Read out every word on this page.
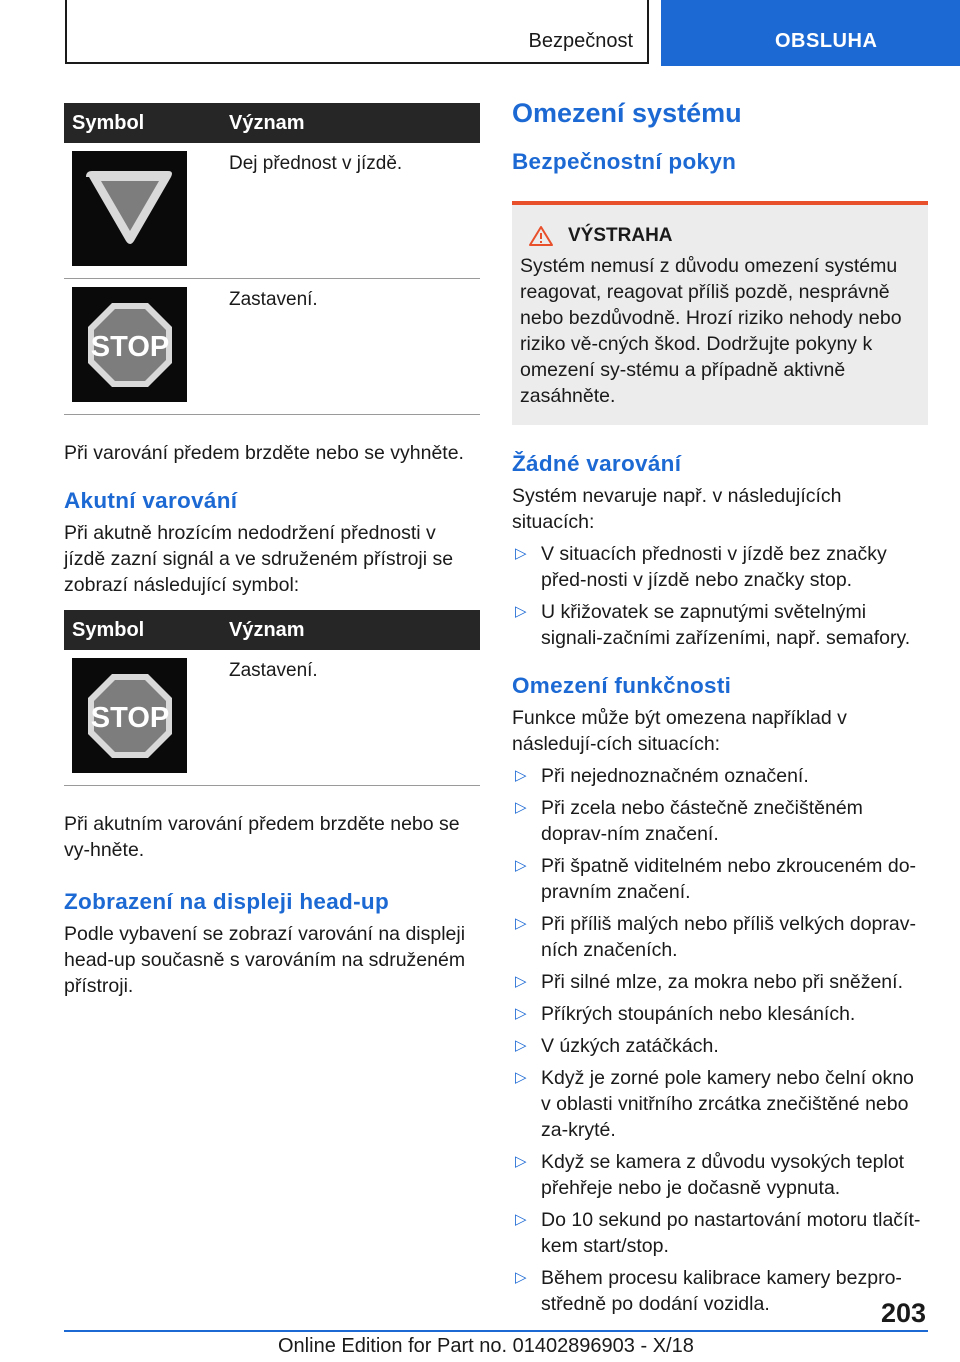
Bezpečnost	OBSLUHA
Symbol	Význam

	Dej přednost v jízdě.

STOP	Zastavení.

Při varování předem brzděte nebo se vyhněte.

Akutní varování

Při akutně hrozícím nedodržení přednosti v jízdě zazní signál a ve sdruženém přístroji se zobrazí následující symbol:

Symbol	Význam

STOP	Zastavení.

Při akutním varování předem brzděte nebo se vy-hněte.

Zobrazení na displeji head-up

Podle vybavení se zobrazí varování na displeji head-up současně s varováním na sdruženém přístroji.

Omezení systému
Bezpečnostní pokyn
VÝSTRAHA

Systém nemusí z důvodu omezení systému reagovat, reagovat příliš pozdě, nesprávně nebo bezdůvodně. Hrozí riziko nehody nebo riziko vě-cných škod. Dodržujte pokyny k omezení sy-stému a případně aktivně zasáhněte.

Žádné varování

Systém nevaruje např. v následujících situacích:

▷ V situacích přednosti v jízdě bez značky před-nosti v jízdě nebo značky stop.
▷ U křižovatek se zapnutými světelnými signali-začními zařízeními, např. semafory.
Omezení funkčnosti

Funkce může být omezena například v následují-cích situacích:

▷ Při nejednoznačném označení.
▷ Při zcela nebo částečně znečištěném doprav-ním značení.
▷ Při špatně viditelném nebo zkrouceném do-pravním značení.
▷ Při příliš malých nebo příliš velkých doprav-ních značeních.
▷ Při silné mlze, za mokra nebo při sněžení.
▷ Příkrých stoupáních nebo klesáních.
▷ V úzkých zatáčkách.
▷ Když je zorné pole kamery nebo čelní okno v oblasti vnitřního zrcátka znečištěné nebo za-kryté.
▷ Když se kamera z důvodu vysokých teplot přehřeje nebo je dočasně vypnuta.
▷ Do 10 sekund po nastartování motoru tlačít-kem start/stop.
▷ Během procesu kalibrace kamery bezpro-středně po dodání vozidla.	203
Online Edition for Part no. 01402896903 - X/18
